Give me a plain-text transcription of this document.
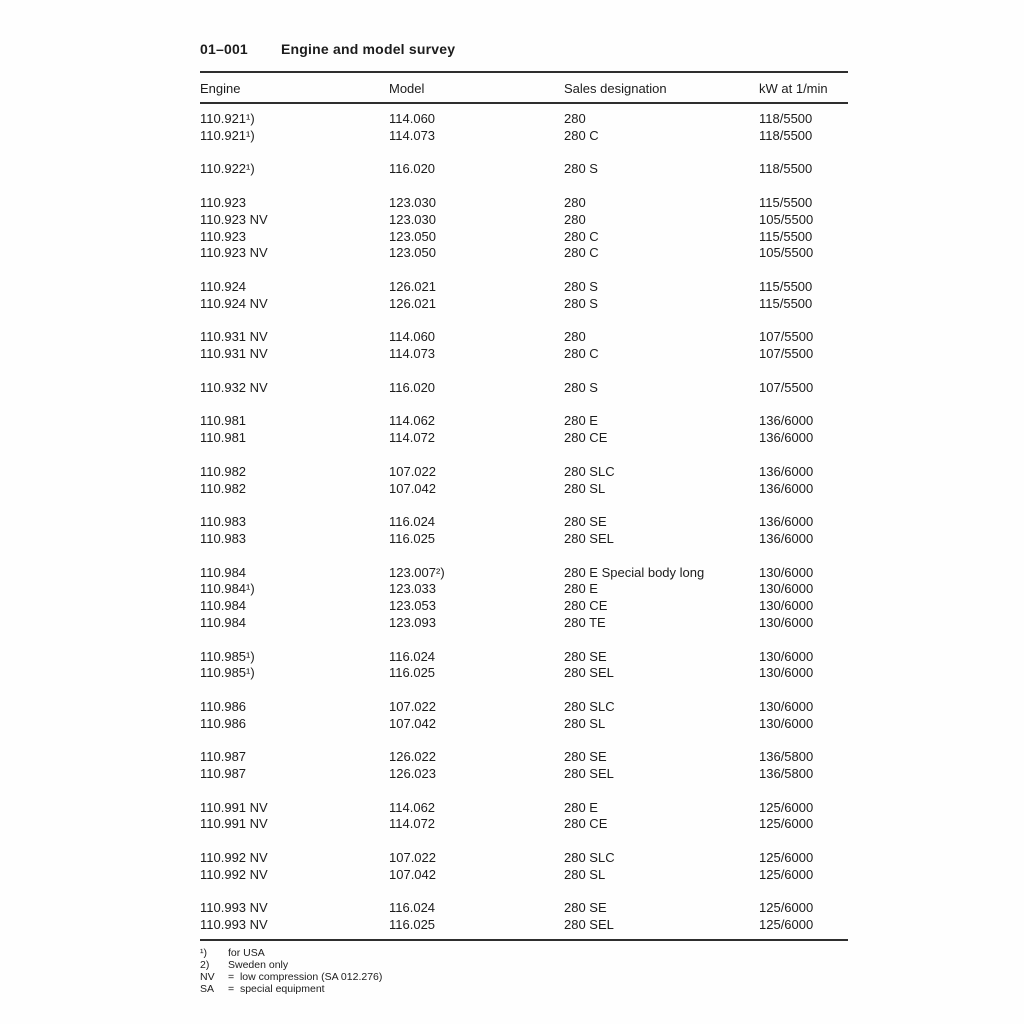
01–001 Engine and model survey
Engine	Model	Sales designation	kW at 1/min
110.921¹)	114.060	280	118/5500
110.921¹)	114.073	280 C	118/5500
110.922¹)	116.020	280 S	118/5500
110.923	123.030	280	115/5500
110.923 NV	123.030	280	105/5500
110.923	123.050	280 C	115/5500
110.923 NV	123.050	280 C	105/5500
110.924	126.021	280 S	115/5500
110.924 NV	126.021	280 S	115/5500
110.931 NV	114.060	280	107/5500
110.931 NV	114.073	280 C	107/5500
110.932 NV	116.020	280 S	107/5500
110.981	114.062	280 E	136/6000
110.981	114.072	280 CE	136/6000
110.982	107.022	280 SLC	136/6000
110.982	107.042	280 SL	136/6000
110.983	116.024	280 SE	136/6000
110.983	116.025	280 SEL	136/6000
110.984	123.007²)	280 E Special body long	130/6000
110.984¹)	123.033	280 E	130/6000
110.984	123.053	280 CE	130/6000
110.984	123.093	280 TE	130/6000
110.985¹)	116.024	280 SE	130/6000
110.985¹)	116.025	280 SEL	130/6000
110.986	107.022	280 SLC	130/6000
110.986	107.042	280 SL	130/6000
110.987	126.022	280 SE	136/5800
110.987	126.023	280 SEL	136/5800
110.991 NV	114.062	280 E	125/6000
110.991 NV	114.072	280 CE	125/6000
110.992 NV	107.022	280 SLC	125/6000
110.992 NV	107.042	280 SL	125/6000
110.993 NV	116.024	280 SE	125/6000
110.993 NV	116.025	280 SEL	125/6000
¹)	for USA
2)	Sweden only
NV	=  low compression (SA 012.276)
SA	=  special equipment
